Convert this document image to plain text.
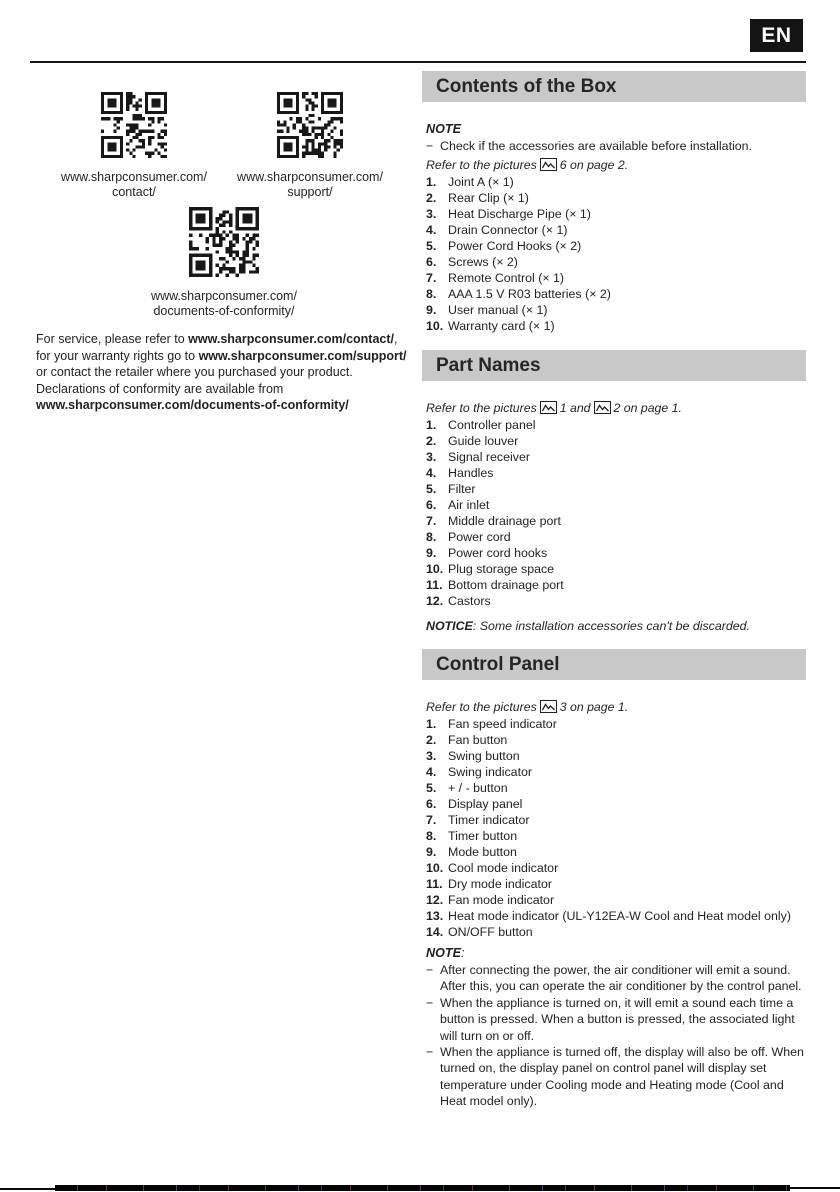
EN
www.sharpconsumer.com/
contact/
www.sharpconsumer.com/
support/
www.sharpconsumer.com/
documents-of-conformity/

For service, please refer to www.sharpconsumer.com/contact/, for your warranty rights go to www.sharpconsumer.com/support/ or contact the retailer where you purchased your product.

Declarations of conformity are available from www.sharpconsumer.com/documents-of-conformity/

Contents of the Box
NOTE
− Check if the accessories are available before installation.
Refer to the pictures 6 on page 2.
1. Joint A (× 1)
2. Rear Clip (× 1)
3. Heat Discharge Pipe (× 1)
4. Drain Connector (× 1)
5. Power Cord Hooks (× 2)
6. Screws (× 2)
7. Remote Control (× 1)
8. AAA 1.5 V R03 batteries (× 2)
9. User manual (× 1)
10. Warranty card (× 1)
Part Names
Refer to the pictures 1 and 2 on page 1.
1. Controller panel
2. Guide louver
3. Signal receiver
4. Handles
5. Filter
6. Air inlet
7. Middle drainage port
8. Power cord
9. Power cord hooks
10. Plug storage space
11. Bottom drainage port
12. Castors

NOTICE: Some installation accessories can't be discarded.

Control Panel
Refer to the pictures 3 on page 1.
1. Fan speed indicator
2. Fan button
3. Swing button
4. Swing indicator
5. + / - button
6. Display panel
7. Timer indicator
8. Timer button
9. Mode button
10. Cool mode indicator
11. Dry mode indicator
12. Fan mode indicator
13. Heat mode indicator (UL-Y12EA-W Cool and Heat model only)
14. ON/OFF button
NOTE:
− After connecting the power, the air conditioner will emit a sound. After this, you can operate the air conditioner by the control panel.
− When the appliance is turned on, it will emit a sound each time a button is pressed. When a button is pressed, the associated light will turn on or off.
− When the appliance is turned off, the display will also be off. When turned on, the display panel on control panel will display set temperature under Cooling mode and Heating mode (Cool and Heat model only).
